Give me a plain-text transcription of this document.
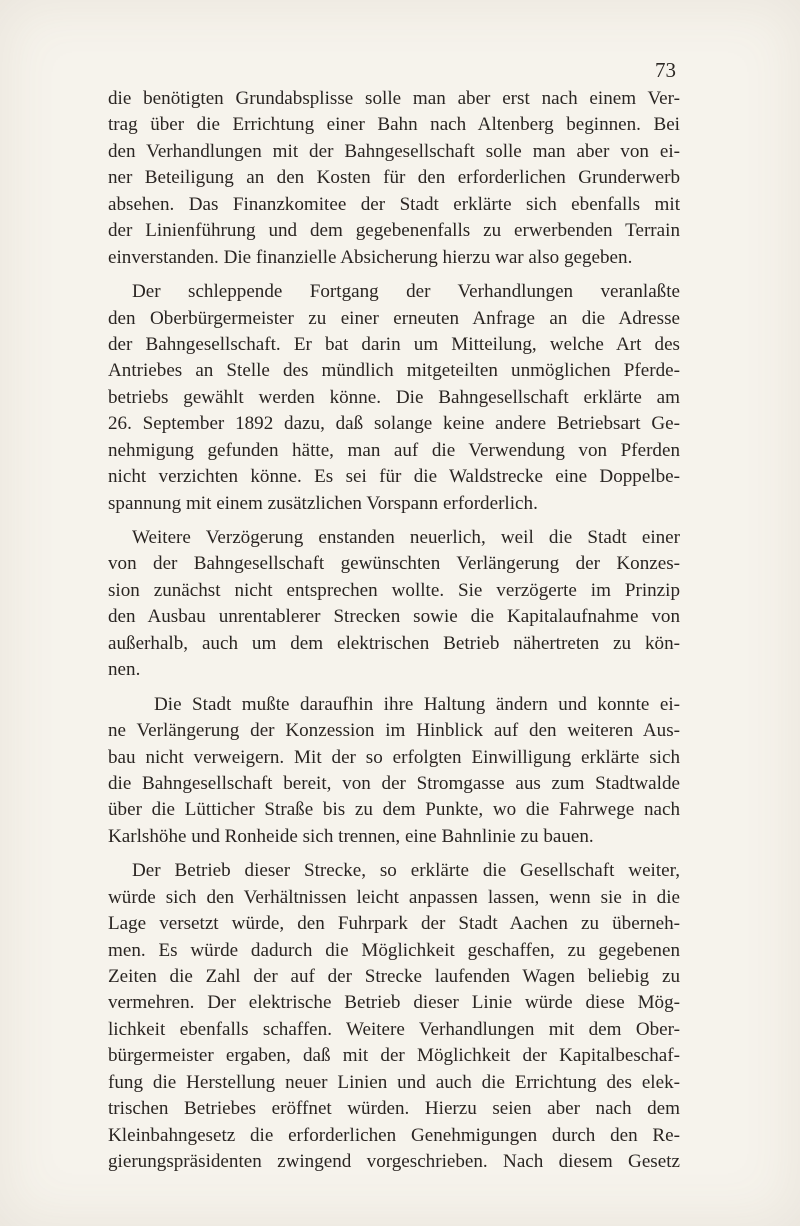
73

die benötigten Grundabsplisse solle man aber erst nach einem Ver-
trag über die Errichtung einer Bahn nach Altenberg beginnen. Bei
den Verhandlungen mit der Bahngesellschaft solle man aber von ei-
ner Beteiligung an den Kosten für den erforderlichen Grunderwerb
absehen. Das Finanzkomitee der Stadt erklärte sich ebenfalls mit
der Linienführung und dem gegebenenfalls zu erwerbenden Terrain
einverstanden. Die finanzielle Absicherung hierzu war also gegeben.

Der schleppende Fortgang der Verhandlungen veranlaßte
den Oberbürgermeister zu einer erneuten Anfrage an die Adresse
der Bahngesellschaft. Er bat darin um Mitteilung, welche Art des
Antriebes an Stelle des mündlich mitgeteilten unmöglichen Pferde-
betriebs gewählt werden könne. Die Bahngesellschaft erklärte am
26. September 1892 dazu, daß solange keine andere Betriebsart Ge-
nehmigung gefunden hätte, man auf die Verwendung von Pferden
nicht verzichten könne. Es sei für die Waldstrecke eine Doppelbe-
spannung mit einem zusätzlichen Vorspann erforderlich.

Weitere Verzögerung enstanden neuerlich, weil die Stadt einer
von der Bahngesellschaft gewünschten Verlängerung der Konzes-
sion zunächst nicht entsprechen wollte. Sie verzögerte im Prinzip
den Ausbau unrentablerer Strecken sowie die Kapitalaufnahme von
außerhalb, auch um dem elektrischen Betrieb nähertreten zu kön-
nen.

Die Stadt mußte daraufhin ihre Haltung ändern und konnte ei-
ne Verlängerung der Konzession im Hinblick auf den weiteren Aus-
bau nicht verweigern. Mit der so erfolgten Einwilligung erklärte sich
die Bahngesellschaft bereit, von der Stromgasse aus zum Stadtwalde
über die Lütticher Straße bis zu dem Punkte, wo die Fahrwege nach
Karlshöhe und Ronheide sich trennen, eine Bahnlinie zu bauen.

Der Betrieb dieser Strecke, so erklärte die Gesellschaft weiter,
würde sich den Verhältnissen leicht anpassen lassen, wenn sie in die
Lage versetzt würde, den Fuhrpark der Stadt Aachen zu überneh-
men. Es würde dadurch die Möglichkeit geschaffen, zu gegebenen
Zeiten die Zahl der auf der Strecke laufenden Wagen beliebig zu
vermehren. Der elektrische Betrieb dieser Linie würde diese Mög-
lichkeit ebenfalls schaffen. Weitere Verhandlungen mit dem Ober-
bürgermeister ergaben, daß mit der Möglichkeit der Kapitalbeschaf-
fung die Herstellung neuer Linien und auch die Errichtung des elek-
trischen Betriebes eröffnet würden. Hierzu seien aber nach dem
Kleinbahngesetz die erforderlichen Genehmigungen durch den Re-
gierungspräsidenten zwingend vorgeschrieben. Nach diesem Gesetz
